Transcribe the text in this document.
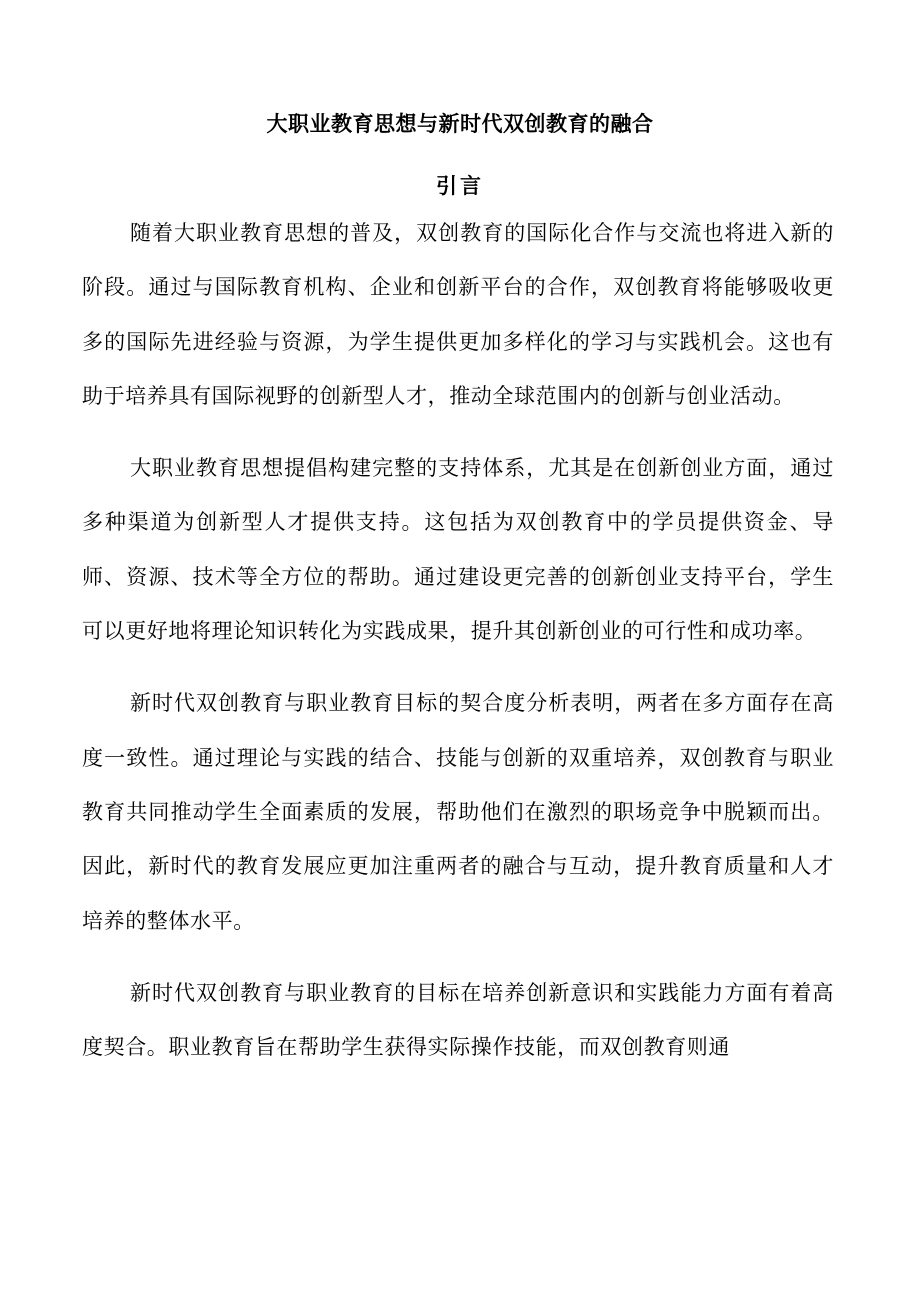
大职业教育思想与新时代双创教育的融合
引言

随着大职业教育思想的普及，双创教育的国际化合作与交流也将进入新的阶段。通过与国际教育机构、企业和创新平台的合作，双创教育将能够吸收更多的国际先进经验与资源，为学生提供更加多样化的学习与实践机会。这也有助于培养具有国际视野的创新型人才，推动全球范围内的创新与创业活动。

大职业教育思想提倡构建完整的支持体系，尤其是在创新创业方面，通过多种渠道为创新型人才提供支持。这包括为双创教育中的学员提供资金、导师、资源、技术等全方位的帮助。通过建设更完善的创新创业支持平台，学生可以更好地将理论知识转化为实践成果，提升其创新创业的可行性和成功率。

新时代双创教育与职业教育目标的契合度分析表明，两者在多方面存在高度一致性。通过理论与实践的结合、技能与创新的双重培养，双创教育与职业教育共同推动学生全面素质的发展，帮助他们在激烈的职场竞争中脱颖而出。因此，新时代的教育发展应更加注重两者的融合与互动，提升教育质量和人才培养的整体水平。

新时代双创教育与职业教育的目标在培养创新意识和实践能力方面有着高度契合。职业教育旨在帮助学生获得实际操作技能，而双创教育则通
